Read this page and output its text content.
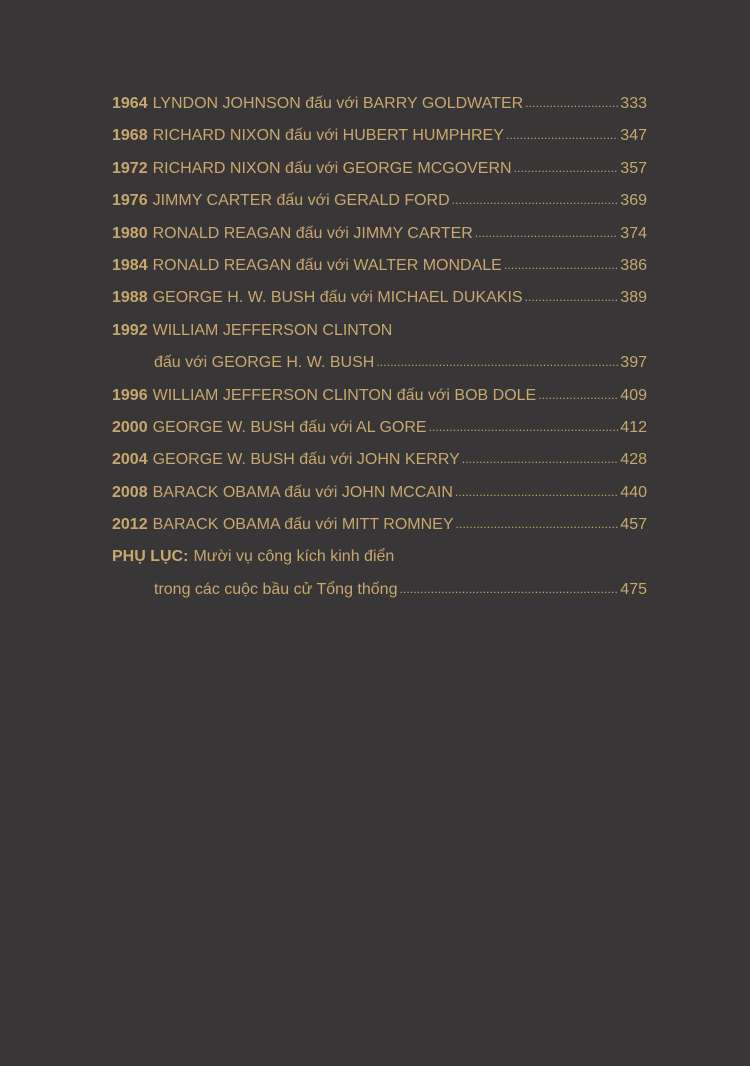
1964 LYNDON JOHNSON đấu với BARRY GOLDWATER . . .	333
1968 RICHARD NIXON đấu với HUBERT HUMPHREY . . .	347
1972 RICHARD NIXON đấu với GEORGE MCGOVERN . . .	357
1976 JIMMY CARTER đấu với GERALD FORD . . .	369
1980 RONALD REAGAN đấu với JIMMY CARTER . . .	374
1984 RONALD REAGAN đấu với WALTER MONDALE . . .	386
1988 GEORGE H. W. BUSH đấu với MICHAEL DUKAKIS . . .	389
1992 WILLIAM JEFFERSON CLINTON
đấu với GEORGE H. W. BUSH . . .	397
1996 WILLIAM JEFFERSON CLINTON đấu với BOB DOLE . . .	409
2000 GEORGE W. BUSH đấu với AL GORE . . .	412
2004 GEORGE W. BUSH đấu với JOHN KERRY . . .	428
2008 BARACK OBAMA đấu với JOHN MCCAIN . . .	440
2012 BARACK OBAMA đấu với MITT ROMNEY . . .	457
PHỤ LỤC: Mười vụ công kích kinh điển
trong các cuộc bầu cử Tổng thống . . .	475
